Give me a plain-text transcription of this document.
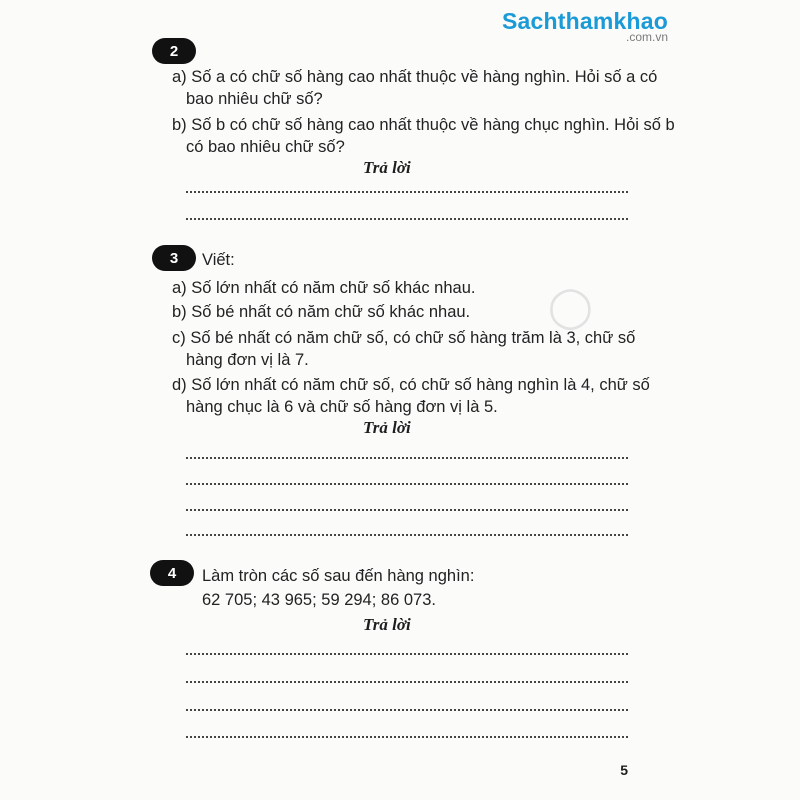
Sachthamkhao
.com.vn
◯
2
a) Số a có chữ số hàng cao nhất thuộc về hàng nghìn. Hỏi số a có
bao nhiêu chữ số?
b) Số b có chữ số hàng cao nhất thuộc về hàng chục nghìn. Hỏi số b
có bao nhiêu chữ số?
Trả lời
3	Viết:
a) Số lớn nhất có năm chữ số khác nhau.
b) Số bé nhất có năm chữ số khác nhau.
c) Số bé nhất có năm chữ số, có chữ số hàng trăm là 3, chữ số
hàng đơn vị là 7.
d) Số lớn nhất có năm chữ số, có chữ số hàng nghìn là 4, chữ số
hàng chục là 6 và chữ số hàng đơn vị là 5.
Trả lời
4	Làm tròn các số sau đến hàng nghìn:
62 705; 43 965; 59 294; 86 073.
Trả lời
5
